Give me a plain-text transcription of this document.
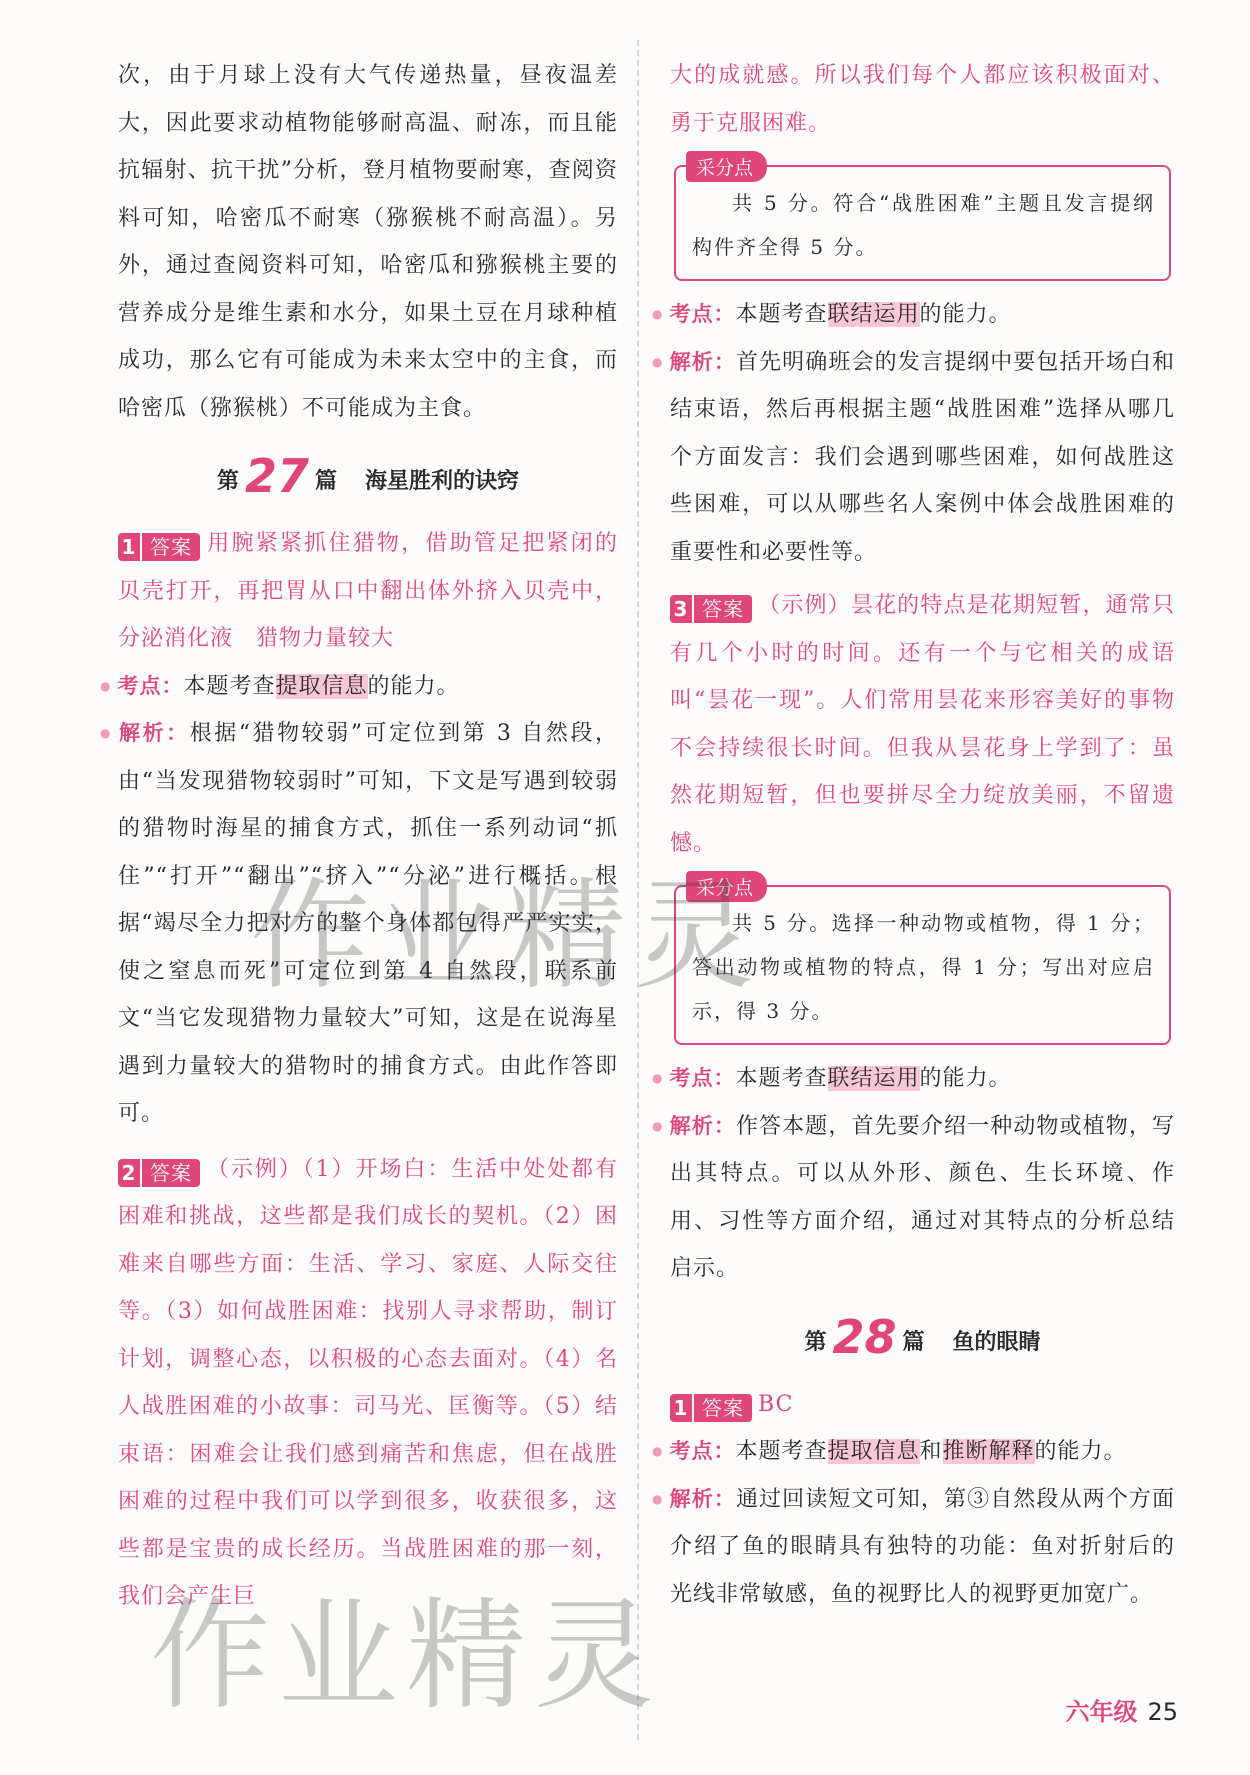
次，由于月球上没有大气传递热量，昼夜温差大，因此要求动植物能够耐高温、耐冻，而且能抗辐射、抗干扰”分析，登月植物要耐寒，查阅资料可知，哈密瓜不耐寒（猕猴桃不耐高温）。另外，通过查阅资料可知，哈密瓜和猕猴桃主要的营养成分是维生素和水分，如果土豆在月球种植成功，那么它有可能成为未来太空中的主食，而哈密瓜（猕猴桃）不可能成为主食。

第 27 篇 海星胜利的诀窍

1 答案 用腕紧紧抓住猎物，借助管足把紧闭的贝壳打开，再把胃从口中翻出体外挤入贝壳中，分泌消化液　猎物力量较大

● 考点：本题考查提取信息的能力。

● 解析：根据“猎物较弱”可定位到第 3 自然段，由“当发现猎物较弱时”可知，下文是写遇到较弱的猎物时海星的捕食方式，抓住一系列动词“抓住”“打开”“翻出”“挤入”“分泌”进行概括。根据“竭尽全力把对方的整个身体都包得严严实实，使之窒息而死”可定位到第 4 自然段，联系前文“当它发现猎物力量较大”可知，这是在说海星遇到力量较大的猎物时的捕食方式。由此作答即可。

2 答案 （示例）（1）开场白：生活中处处都有困难和挑战，这些都是我们成长的契机。（2）困难来自哪些方面：生活、学习、家庭、人际交往等。（3）如何战胜困难：找别人寻求帮助，制订计划，调整心态，以积极的心态去面对。（4）名人战胜困难的小故事：司马光、匡衡等。（5）结束语：困难会让我们感到痛苦和焦虑，但在战胜困难的过程中我们可以学到很多，收获很多，这些都是宝贵的成长经历。当战胜困难的那一刻，我们会产生巨

大的成就感。所以我们每个人都应该积极面对、勇于克服困难。

采分点

共 5 分。符合“战胜困难”主题且发言提纲构件齐全得 5 分。

● 考点：本题考查联结运用的能力。

● 解析：首先明确班会的发言提纲中要包括开场白和结束语，然后再根据主题“战胜困难”选择从哪几个方面发言：我们会遇到哪些困难，如何战胜这些困难，可以从哪些名人案例中体会战胜困难的重要性和必要性等。

3 答案 （示例）昙花的特点是花期短暂，通常只有几个小时的时间。还有一个与它相关的成语叫“昙花一现”。人们常用昙花来形容美好的事物不会持续很长时间。但我从昙花身上学到了：虽然花期短暂，但也要拼尽全力绽放美丽，不留遗憾。

采分点

共 5 分。选择一种动物或植物，得 1 分；答出动物或植物的特点，得 1 分；写出对应启示，得 3 分。

● 考点：本题考查联结运用的能力。

● 解析：作答本题，首先要介绍一种动物或植物，写出其特点。可以从外形、颜色、生长环境、作用、习性等方面介绍，通过对其特点的分析总结启示。

第 28 篇 鱼的眼睛

1 答案 BC

● 考点：本题考查提取信息和推断解释的能力。

● 解析：通过回读短文可知，第③自然段从两个方面介绍了鱼的眼睛具有独特的功能：鱼对折射后的光线非常敏感，鱼的视野比人的视野更加宽广。

作业精灵
作业精灵
六年级 25
